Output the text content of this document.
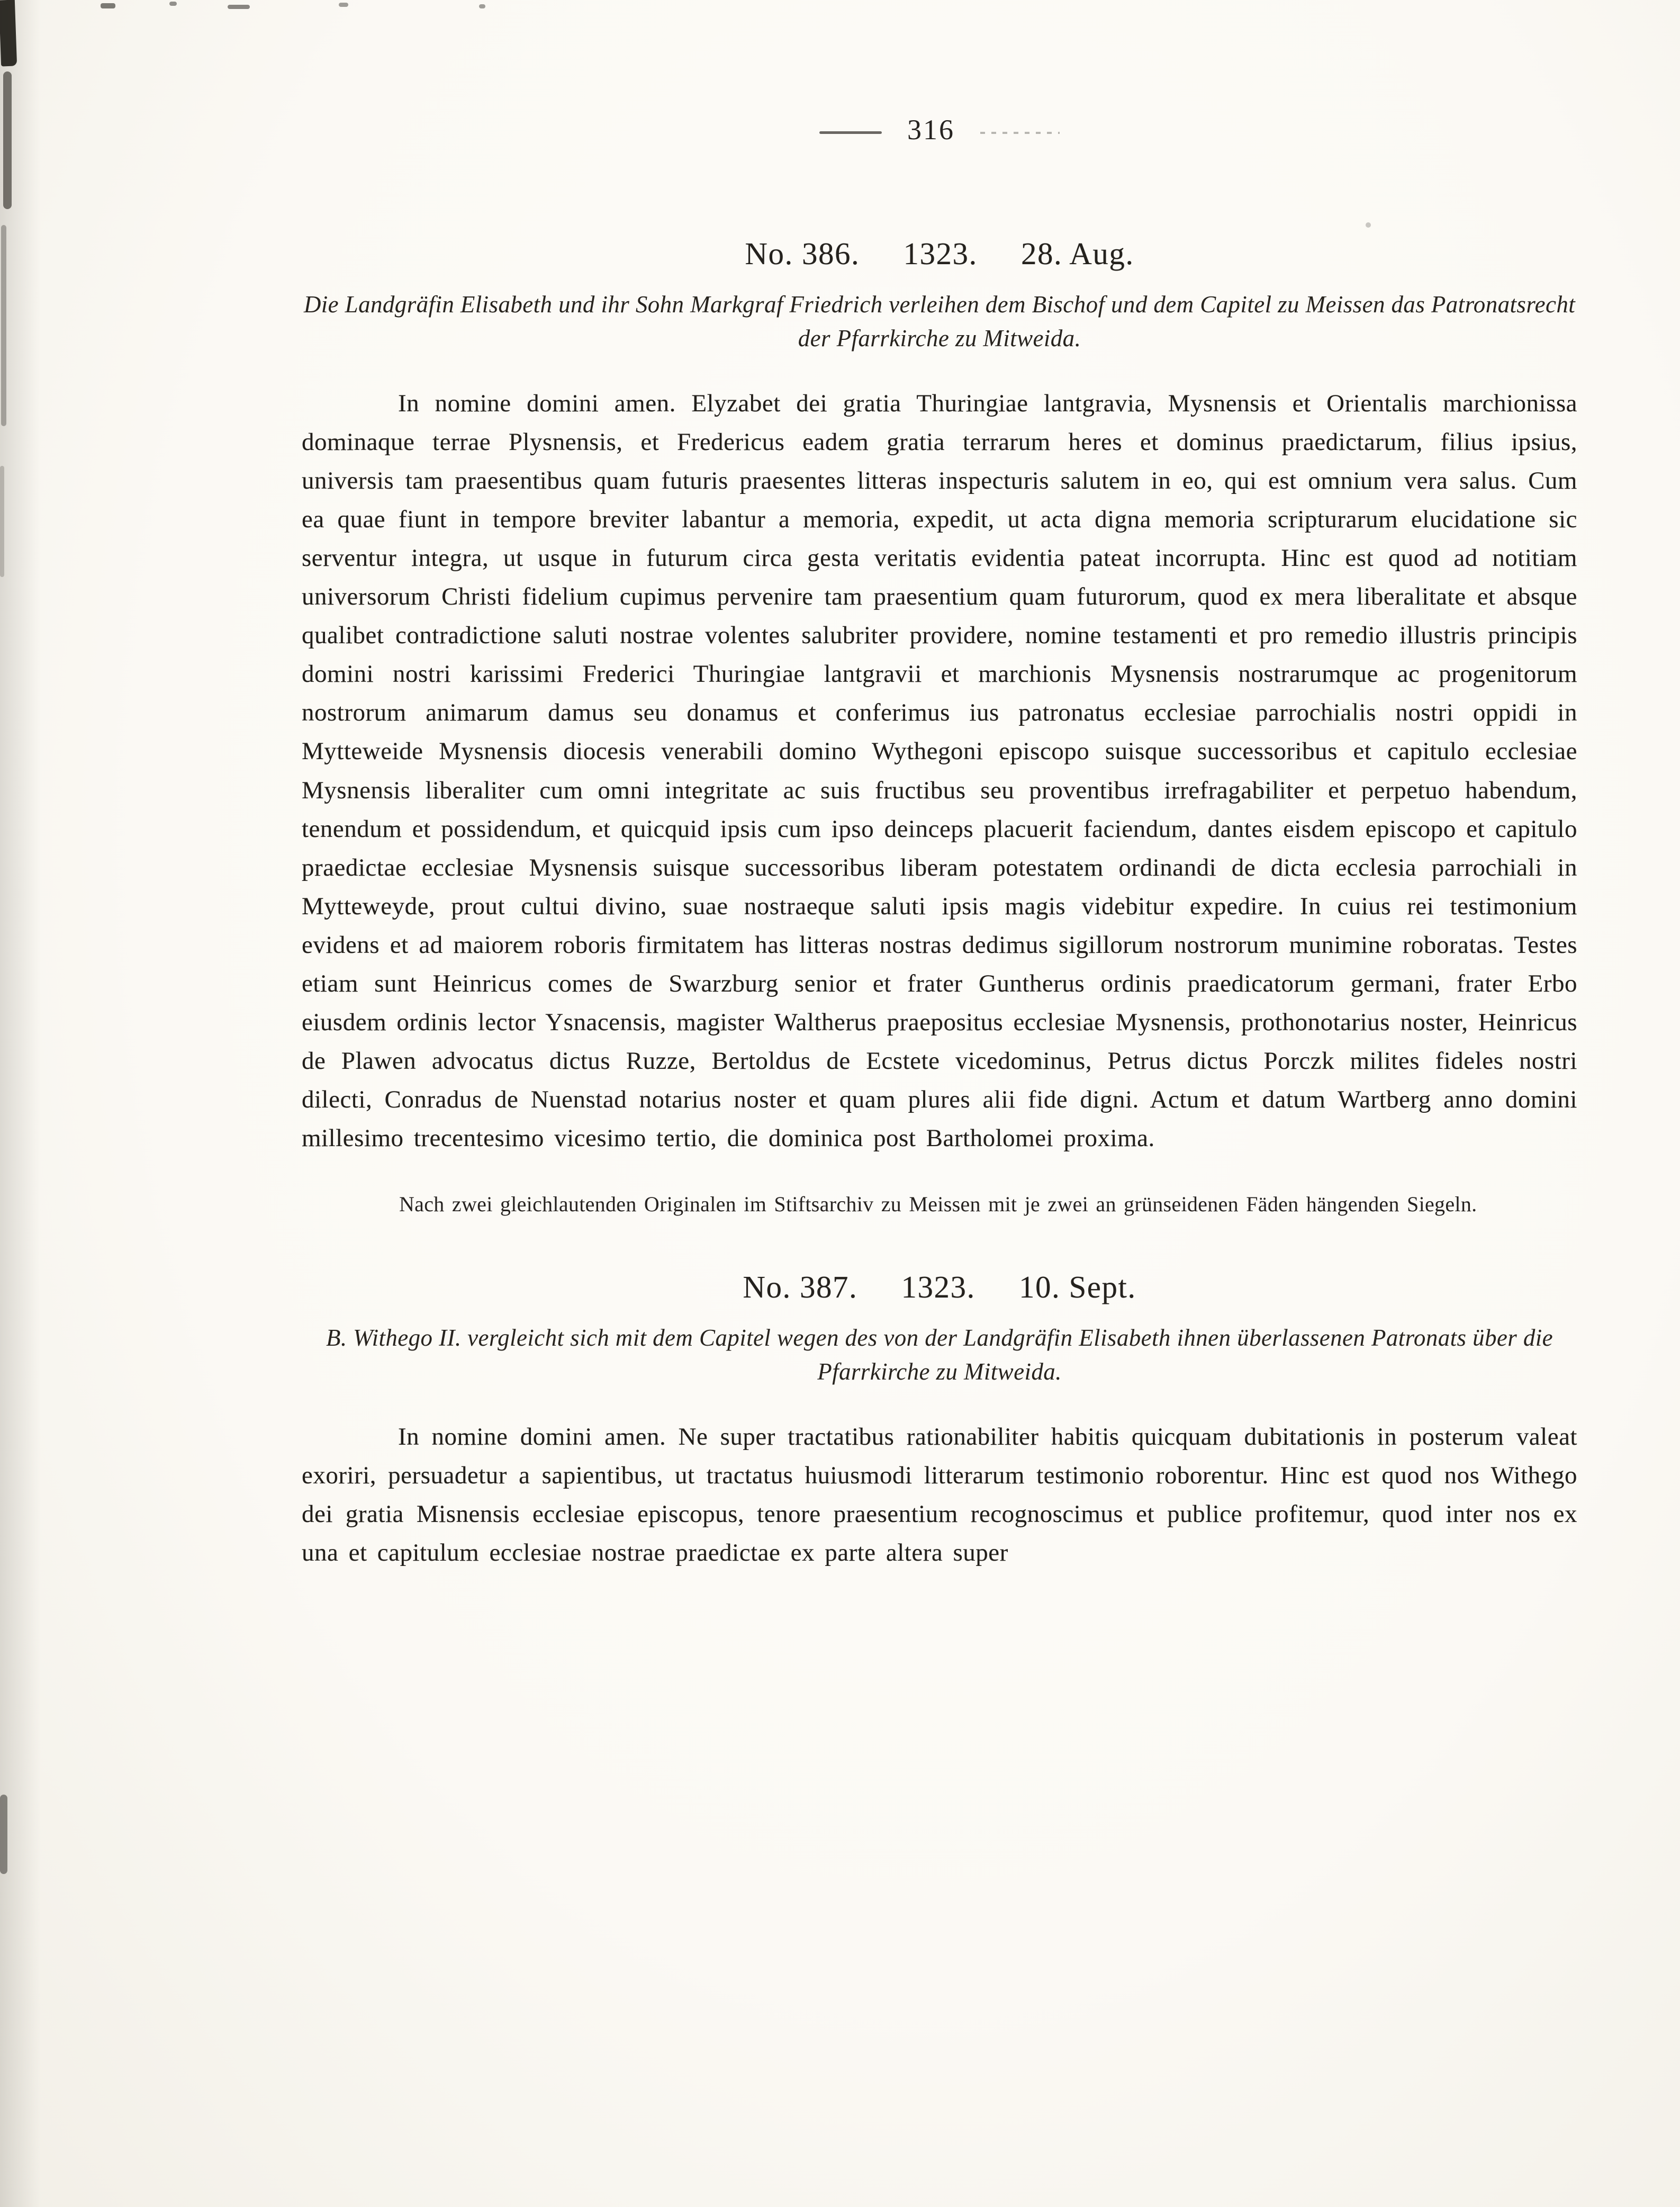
316
No. 386. 1323. 28. Aug.

Die Landgräfin Elisabeth und ihr Sohn Markgraf Friedrich verleihen dem Bischof und dem Capitel zu Meissen das Patronatsrecht der Pfarrkirche zu Mitweida.

In nomine domini amen. Elyzabet dei gratia Thuringiae lantgravia, Mysnensis et Orientalis marchionissa dominaque terrae Plysnensis, et Fredericus eadem gratia terrarum heres et dominus praedictarum, filius ipsius, universis tam praesentibus quam futuris praesentes litteras inspecturis salutem in eo, qui est omnium vera salus. Cum ea quae fiunt in tempore breviter labantur a memoria, expedit, ut acta digna memoria scripturarum elucidatione sic serventur integra, ut usque in futurum circa gesta veritatis evidentia pateat incorrupta. Hinc est quod ad notitiam universorum Christi fidelium cupimus pervenire tam praesentium quam futurorum, quod ex mera liberalitate et absque qualibet contradictione saluti nostrae volentes salubriter providere, nomine testamenti et pro remedio illustris principis domini nostri karissimi Frederici Thuringiae lantgravii et marchionis Mysnensis nostrarumque ac progenitorum nostrorum animarum damus seu donamus et conferimus ius patronatus ecclesiae parrochialis nostri oppidi in Mytteweide Mysnensis diocesis venerabili domino Wythegoni episcopo suisque successoribus et capitulo ecclesiae Mysnensis liberaliter cum omni integritate ac suis fructibus seu proventibus irrefragabiliter et perpetuo habendum, tenendum et possidendum, et quicquid ipsis cum ipso deinceps placuerit faciendum, dantes eisdem episcopo et capitulo praedictae ecclesiae Mysnensis suisque successoribus liberam potestatem ordinandi de dicta ecclesia parrochiali in Mytteweyde, prout cultui divino, suae nostraeque saluti ipsis magis videbitur expedire. In cuius rei testimonium evidens et ad maiorem roboris firmitatem has litteras nostras dedimus sigillorum nostrorum munimine roboratas. Testes etiam sunt Heinricus comes de Swarzburg senior et frater Guntherus ordinis praedicatorum germani, frater Erbo eiusdem ordinis lector Ysnacensis, magister Waltherus praepositus ecclesiae Mysnensis, prothonotarius noster, Heinricus de Plawen advocatus dictus Ruzze, Bertoldus de Ecstete vicedominus, Petrus dictus Porczk milites fideles nostri dilecti, Conradus de Nuenstad notarius noster et quam plures alii fide digni. Actum et datum Wartberg anno domini millesimo trecentesimo vicesimo tertio, die dominica post Bartholomei proxima.

Nach zwei gleichlautenden Originalen im Stiftsarchiv zu Meissen mit je zwei an grünseidenen Fäden hängenden Siegeln.

No. 387. 1323. 10. Sept.

B. Withego II. vergleicht sich mit dem Capitel wegen des von der Landgräfin Elisabeth ihnen überlassenen Patronats über die Pfarrkirche zu Mitweida.

In nomine domini amen. Ne super tractatibus rationabiliter habitis quicquam dubitationis in posterum valeat exoriri, persuadetur a sapientibus, ut tractatus huiusmodi litterarum testimonio roborentur. Hinc est quod nos Withego dei gratia Misnensis ecclesiae episcopus, tenore praesentium recognoscimus et publice profitemur, quod inter nos ex una et capitulum ecclesiae nostrae praedictae ex parte altera super
